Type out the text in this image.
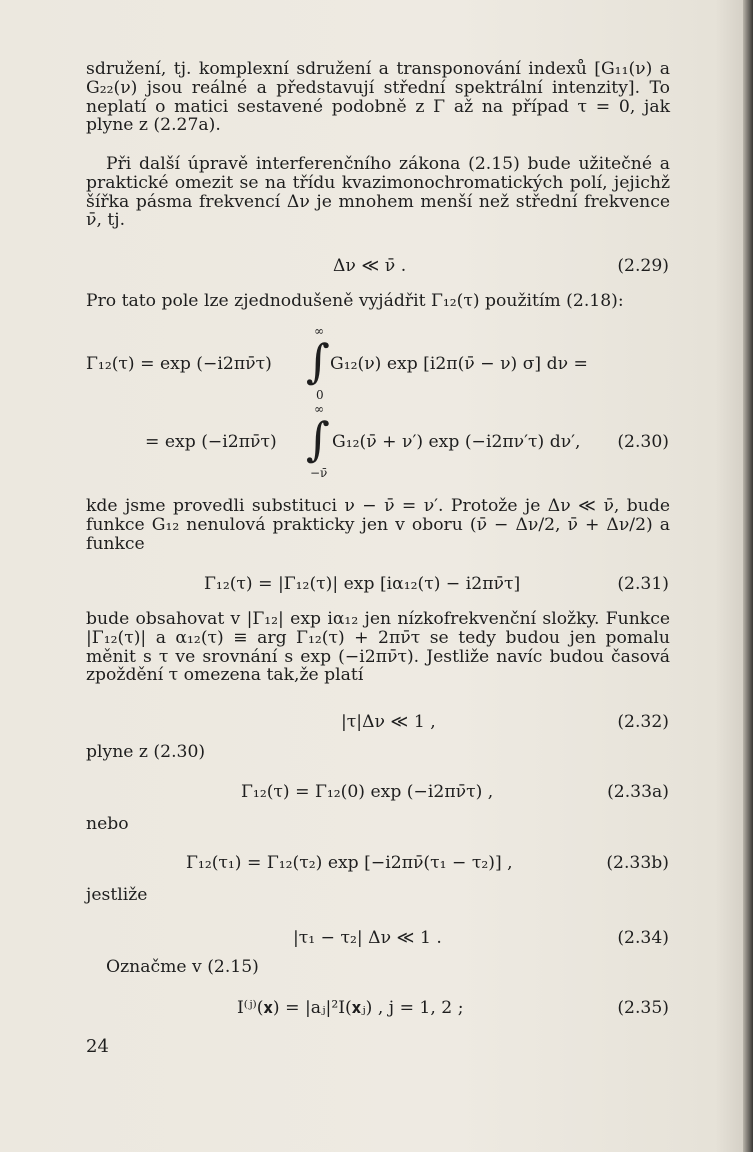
sdružení, tj. komplexní sdružení a transponování indexů [G₁₁(ν) a G₂₂(ν) jsou reálné a představují střední spektrální intenzity]. To neplatí o matici sestavené podobně z Γ až na případ τ = 0, jak plyne z (2.27a).
Při další úpravě interferenčního zákona (2.15) bude užitečné a praktické omezit se na třídu kvazimonochromatických polí, jejichž šířka pásma frekvencí Δν je mnohem menší než střední frekvence ν̄, tj.
Δν ≪ ν̄ .	(2.29)
Pro tato pole lze zjednodušeně vyjádřit Γ₁₂(τ) použitím (2.18):
Γ₁₂(τ) = exp (−i2πν̄τ)
∞
∫
0
G₁₂(ν) exp [i2π(ν̄ − ν) σ] dν =
= exp (−i2πν̄τ)
∞
∫
−ν̄
G₁₂(ν̄ + ν′) exp (−i2πν′τ) dν′, (2.30)
kde jsme provedli substituci ν − ν̄ = ν′. Protože je Δν ≪ ν̄, bude funkce G₁₂ nenulová prakticky jen v oboru (ν̄ − Δν/2, ν̄ + Δν/2) a funkce
Γ₁₂(τ) = |Γ₁₂(τ)| exp [iα₁₂(τ) − i2πν̄τ]	(2.31)
bude obsahovat v |Γ₁₂| exp iα₁₂ jen nízkofrekvenční složky. Funkce |Γ₁₂(τ)| a α₁₂(τ) ≡ arg Γ₁₂(τ) + 2πν̄τ se tedy budou jen pomalu měnit s τ ve srovnání s exp (−i2πν̄τ). Jestliže navíc budou časová zpoždění τ omezena tak,že platí
|τ|Δν ≪ 1 ,	(2.32)
plyne z (2.30)
Γ₁₂(τ) = Γ₁₂(0) exp (−i2πν̄τ) ,	(2.33a)
nebo
Γ₁₂(τ₁) = Γ₁₂(τ₂) exp [−i2πν̄(τ₁ − τ₂)] ,	(2.33b)
jestliže
|τ₁ − τ₂| Δν ≪ 1 .	(2.34)
Označme v (2.15)
I⁽ʲ⁾(𝐱) = |aⱼ|²I(𝐱ⱼ) , j = 1, 2 ;	(2.35)
24
